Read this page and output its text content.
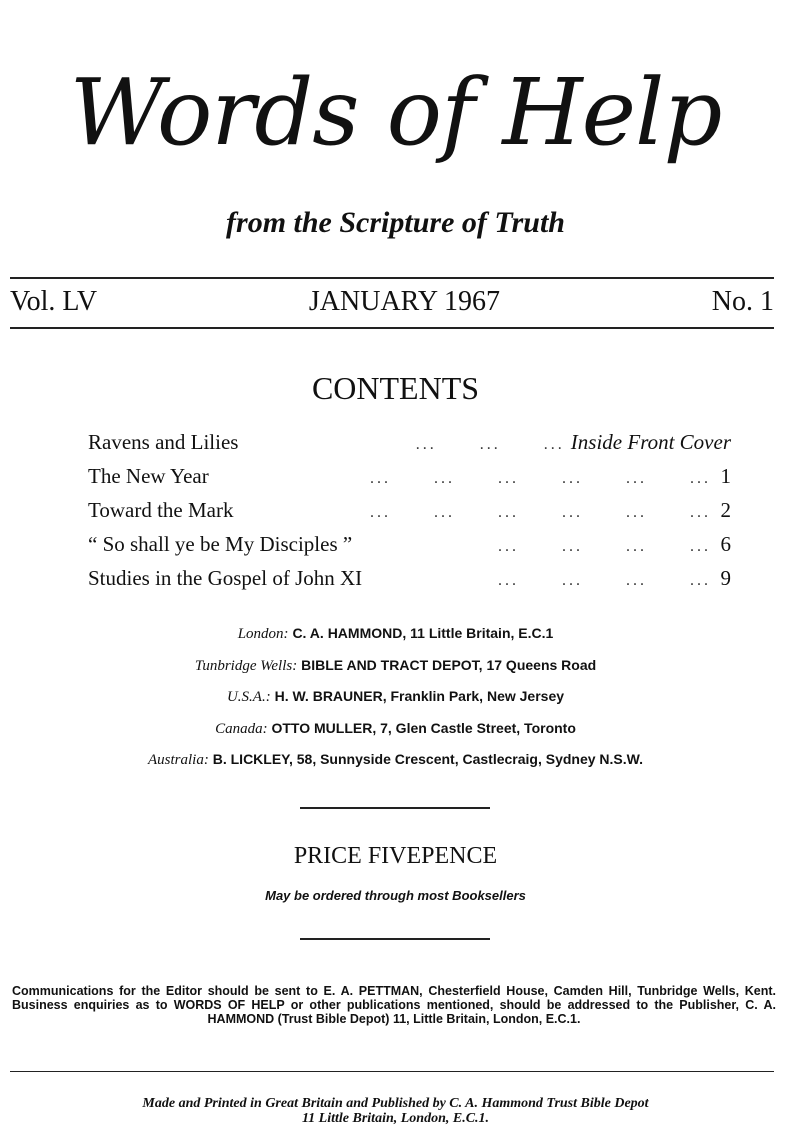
Words of Help
from the Scripture of Truth
Vol. LV	JANUARY 1967	No. 1
CONTENTS
Ravens and Lilies	... ... ... Inside Front Cover
The New Year	... ... ... ... ... ... 1
Toward the Mark	... ... ... ... ... ... 2
“ So shall ye be My Disciples ”	... ... ... ... 6
Studies in the Gospel of John XI	... ... ... ... 9
London: C. A. HAMMOND, 11 Little Britain, E.C.1
Tunbridge Wells: BIBLE AND TRACT DEPOT, 17 Queens Road
U.S.A.: H. W. BRAUNER, Franklin Park, New Jersey
Canada: OTTO MULLER, 7, Glen Castle Street, Toronto
Australia: B. LICKLEY, 58, Sunnyside Crescent, Castlecraig, Sydney N.S.W.
PRICE FIVEPENCE
May be ordered through most Booksellers
Communications for the Editor should be sent to E. A. PETTMAN, Chesterfield House, Camden Hill, Tunbridge Wells, Kent. Business enquiries as to WORDS OF HELP or other publications mentioned, should be addressed to the Publisher, C. A. HAMMOND (Trust Bible Depot) 11, Little Britain, London, E.C.1.
Made and Printed in Great Britain and Published by C. A. Hammond Trust Bible Depot
11 Little Britain, London, E.C.1.
